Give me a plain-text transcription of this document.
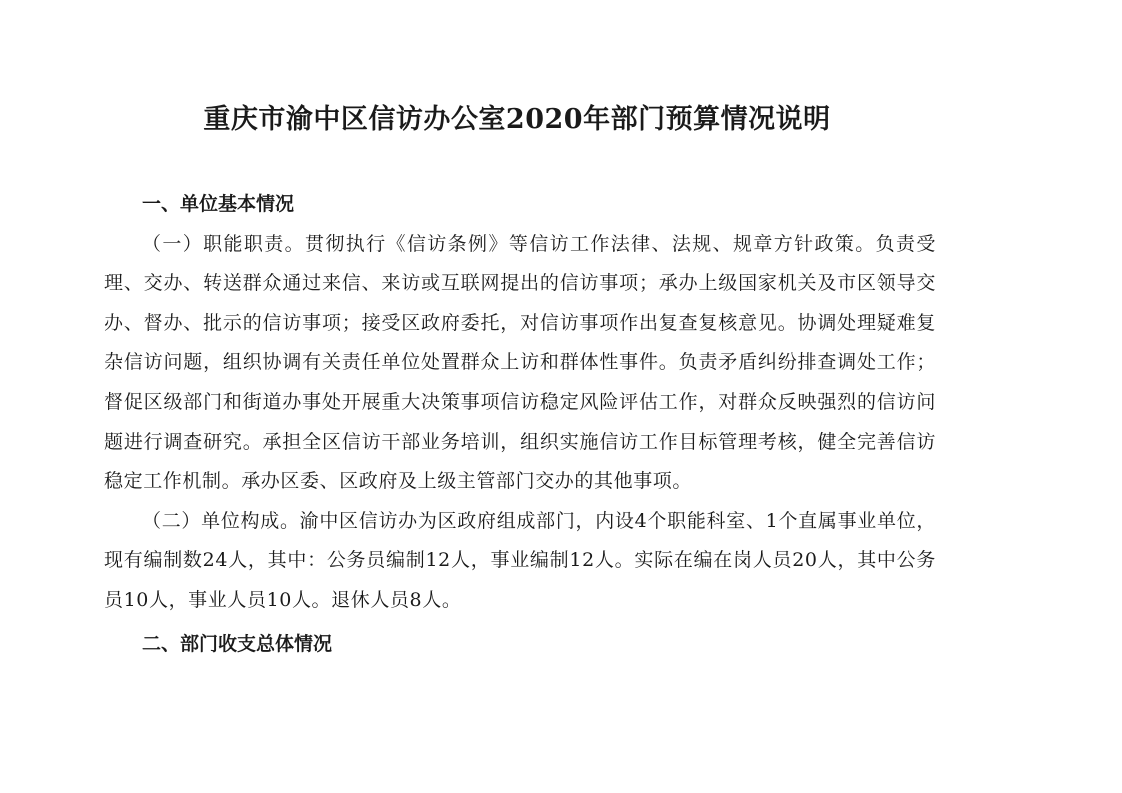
重庆市渝中区信访办公室2020年部门预算情况说明

一、单位基本情况

（一）职能职责。贯彻执行《信访条例》等信访工作法律、法规、规章方针政策。负责受理、交办、转送群众通过来信、来访或互联网提出的信访事项；承办上级国家机关及市区领导交办、督办、批示的信访事项；接受区政府委托，对信访事项作出复查复核意见。协调处理疑难复杂信访问题，组织协调有关责任单位处置群众上访和群体性事件。负责矛盾纠纷排查调处工作；督促区级部门和街道办事处开展重大决策事项信访稳定风险评估工作，对群众反映强烈的信访问题进行调查研究。承担全区信访干部业务培训，组织实施信访工作目标管理考核，健全完善信访稳定工作机制。承办区委、区政府及上级主管部门交办的其他事项。

（二）单位构成。渝中区信访办为区政府组成部门，内设4个职能科室、1个直属事业单位，现有编制数24人，其中：公务员编制12人，事业编制12人。实际在编在岗人员20人，其中公务员10人，事业人员10人。退休人员8人。

二、部门收支总体情况
